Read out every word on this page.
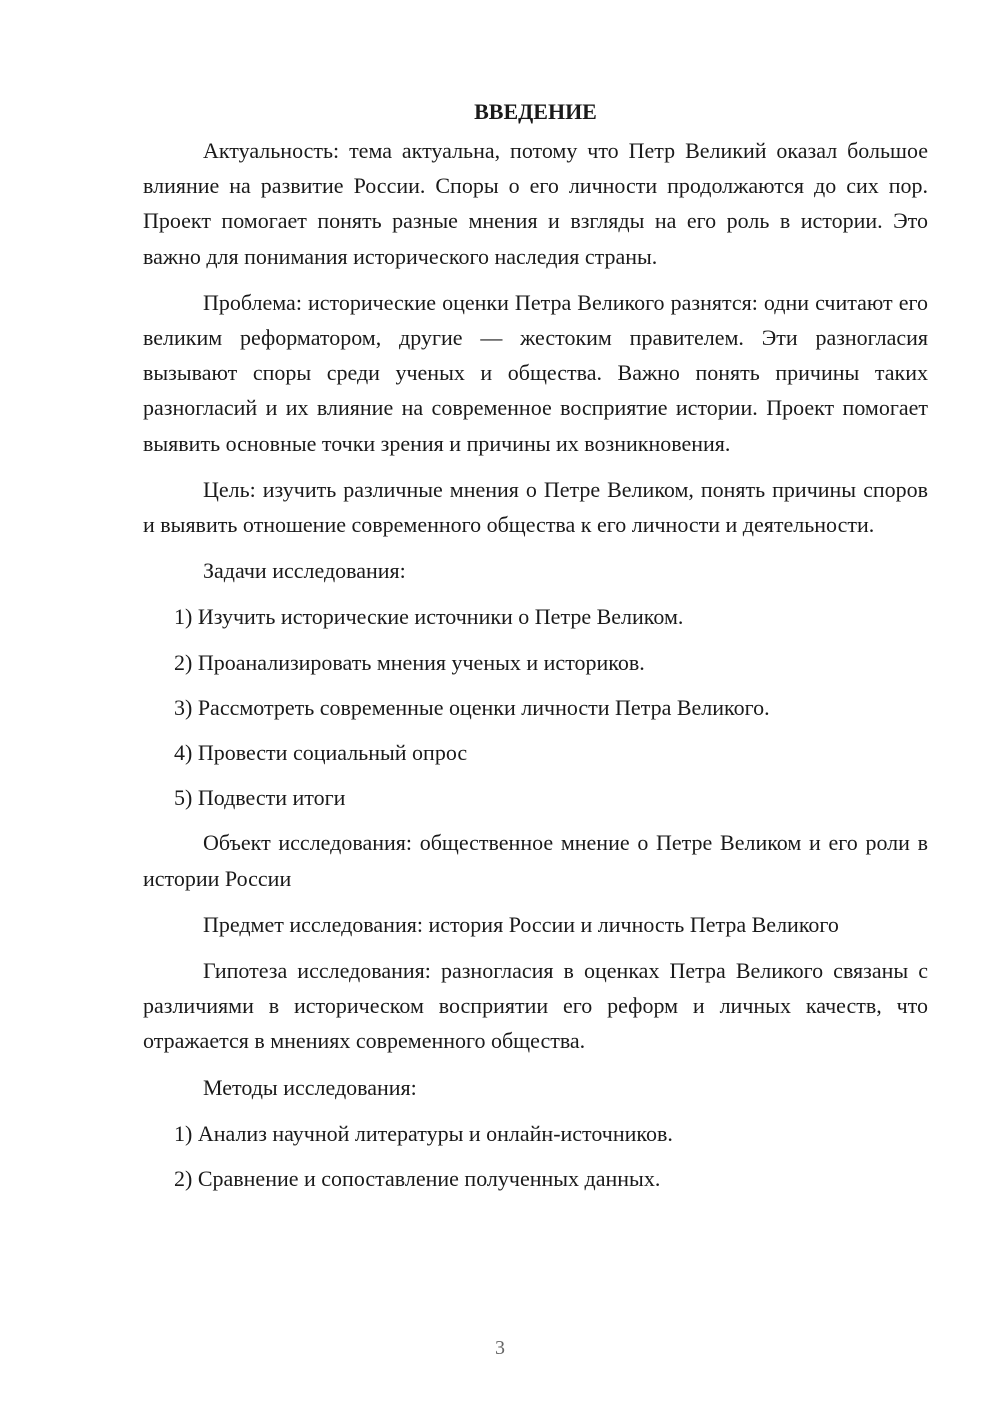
ВВЕДЕНИЕ

Актуальность: тема актуальна, потому что Петр Великий оказал большое влияние на развитие России. Споры о его личности продолжаются до сих пор. Проект помогает понять разные мнения и взгляды на его роль в истории. Это важно для понимания исторического наследия страны.

Проблема: исторические оценки Петра Великого разнятся: одни считают его великим реформатором, другие — жестоким правителем. Эти разногласия вызывают споры среди ученых и общества. Важно понять причины таких разногласий и их влияние на современное восприятие истории. Проект помогает выявить основные точки зрения и причины их возникновения.

Цель: изучить различные мнения о Петре Великом, понять причины споров и выявить отношение современного общества к его личности и деятельности.

Задачи исследования:

1) Изучить исторические источники о Петре Великом.
2) Проанализировать мнения ученых и историков.
3) Рассмотреть современные оценки личности Петра Великого.
4) Провести социальный опрос
5) Подвести итоги

Объект исследования: общественное мнение о Петре Великом и его роли в истории России

Предмет исследования: история России и личность Петра Великого

Гипотеза исследования: разногласия в оценках Петра Великого связаны с различиями в историческом восприятии его реформ и личных качеств, что отражается в мнениях современного общества.

Методы исследования:

1) Анализ научной литературы и онлайн-источников.
2) Сравнение и сопоставление полученных данных.
3
